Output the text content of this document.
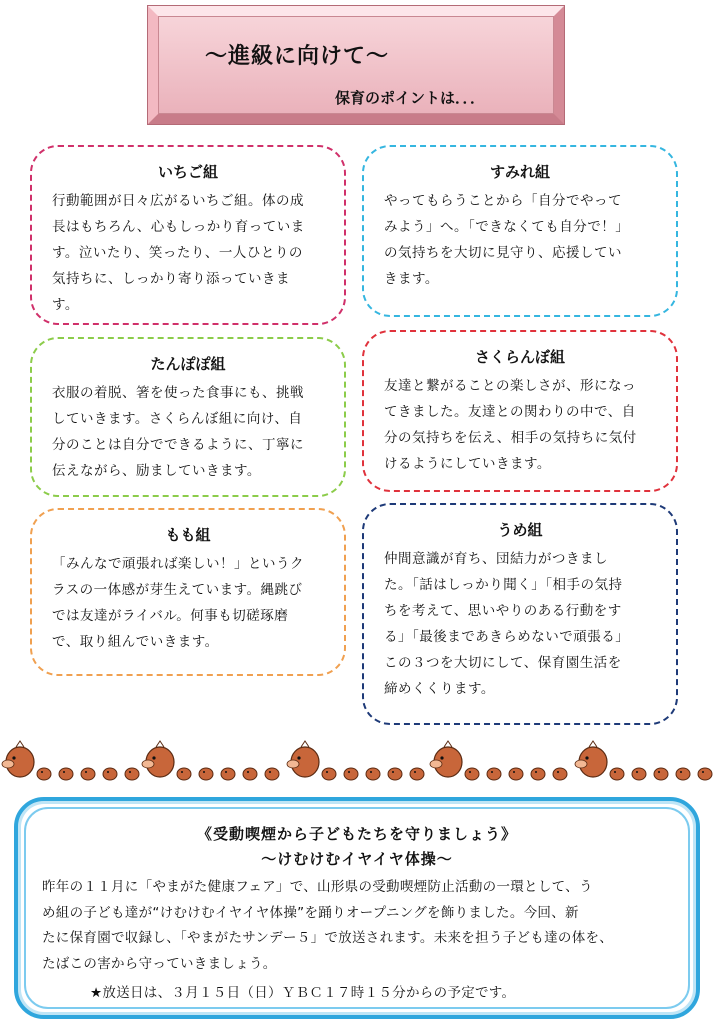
〜進級に向けて〜
保育のポイントは．．．
いちご組
行動範囲が日々広がるいちご組。体の成
長はもちろん、心もしっかり育っていま
す。泣いたり、笑ったり、一人ひとりの
気持ちに、しっかり寄り添っていきま
す。
すみれ組
やってもらうことから「自分でやって
みよう」へ。「できなくても自分で！」
の気持ちを大切に見守り、応援してい
きます。
たんぽぽ組
衣服の着脱、箸を使った食事にも、挑戦
していきます。さくらんぼ組に向け、自
分のことは自分でできるように、丁寧に
伝えながら、励ましていきます。
さくらんぼ組
友達と繋がることの楽しさが、形になっ
てきました。友達との関わりの中で、自
分の気持ちを伝え、相手の気持ちに気付
けるようにしていきます。
もも組
「みんなで頑張れば楽しい！」というク
ラスの一体感が芽生えています。縄跳び
では友達がライバル。何事も切磋琢磨
で、取り組んでいきます。
うめ組
仲間意識が育ち、団結力がつきまし
た。「話はしっかり聞く」「相手の気持
ちを考えて、思いやりのある行動をす
る」「最後まであきらめないで頑張る」
この３つを大切にして、保育園生活を
締めくくります。
《受動喫煙から子どもたちを守りましょう》
〜けむけむイヤイヤ体操〜
昨年の１１月に「やまがた健康フェア」で、山形県の受動喫煙防止活動の一環として、う
め組の子ども達が“けむけむイヤイヤ体操”を踊りオープニングを飾りました。今回、新
たに保育園で収録し、「やまがたサンデー５」で放送されます。未来を担う子ども達の体を、
たばこの害から守っていきましょう。
★放送日は、３月１５日（日）ＹＢＣ１７時１５分からの予定です。
